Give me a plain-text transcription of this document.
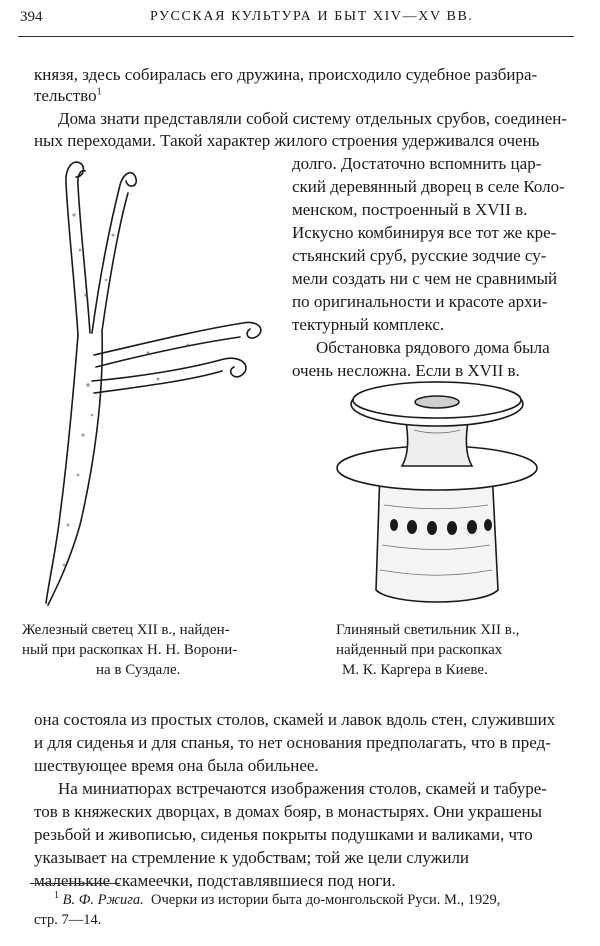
394	РУССКАЯ КУЛЬТУРА И БЫТ XIV—XV ВВ.
князя, здесь собиралась его дружина, происходило судебное разбира-
тельство$^1$
Дома знати представляли собой систему отдельных срубов, соединен-
ных переходами. Такой характер жилого строения удерживался очень
долго. Достаточно вспомнить цар-
ский деревянный дворец в селе Коло-
менском, построенный в XVII в.
Искусно комбинируя все тот же кре-
стьянский сруб, русские зодчие су-
мели создать ни с чем не сравнимый
по оригинальности и красоте архи-
тектурный комплекс.
Обстановка рядового дома была
очень несложна. Если в XVII в.
Железный светец XII в., найден-
ный при раскопках Н. Н. Ворони-
на в Суздале.
Глиняный светильник XII в.,
найденный при раскопках
М. К. Каргера в Киеве.
она состояла из простых столов, скамей и лавок вдоль стен, служивших
и для сиденья и для спанья, то нет основания предполагать, что в пред-
шествующее время она была обильнее.
На миниатюрах встречаются изображения столов, скамей и табуре-
тов в княжеских дворцах, в домах бояр, в монастырях. Они украшены
резьбой и живописью, сиденья покрыты подушками и валиками, что
указывает на стремление к удобствам; той же цели служили
маленькие скамеечки, подставлявшиеся под ноги.
$^1$ В. Ф. Ржига. Очерки из истории быта до-монгольской Руси. М., 1929,
стр. 7—14.
